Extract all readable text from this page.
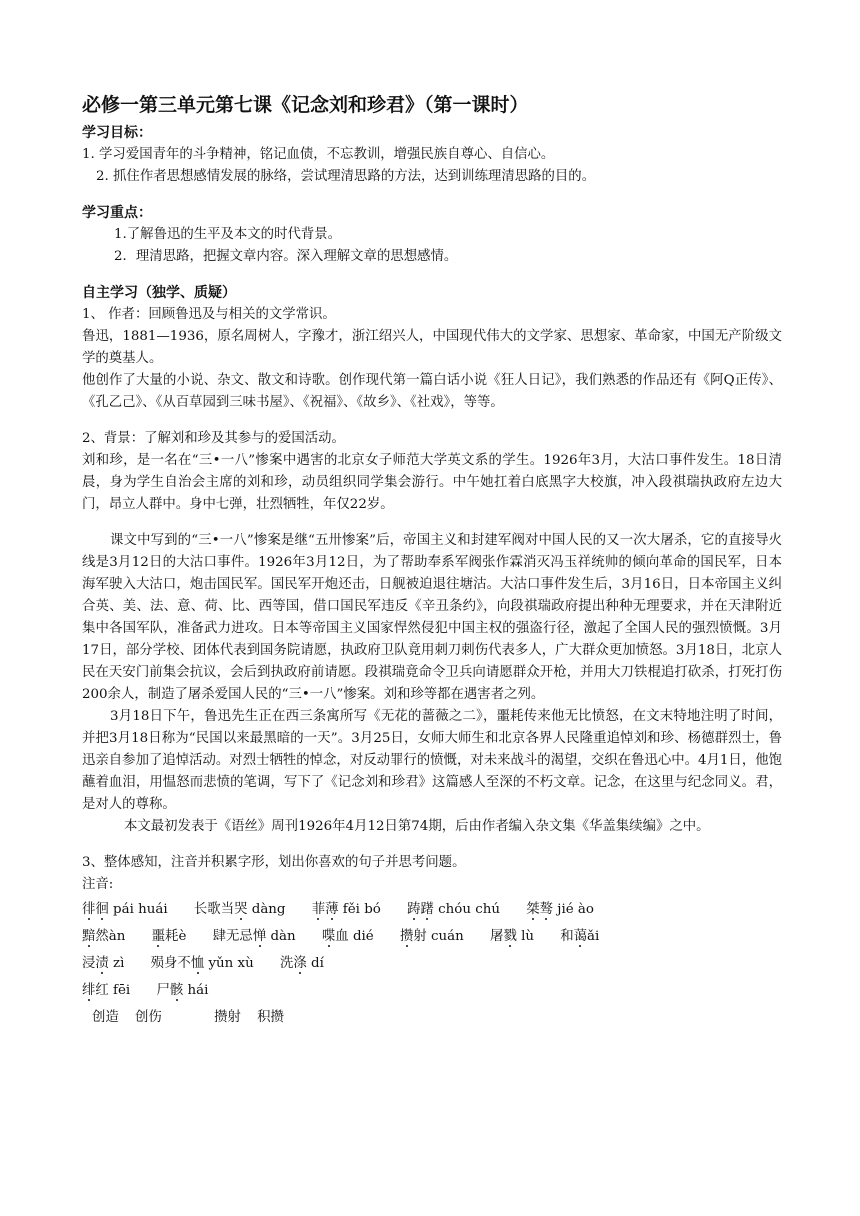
必修一第三单元第七课《记念刘和珍君》（第一课时）
学习目标：
1. 学习爱国青年的斗争精神，铭记血债，不忘教训，增强民族自尊心、自信心。
2. 抓住作者思想感情发展的脉络，尝试理清思路的方法，达到训练理清思路的目的。
学习重点：
1.了解鲁迅的生平及本文的时代背景。
2．理清思路，把握文章内容。深入理解文章的思想感情。
自主学习（独学、质疑）
1、 作者：回顾鲁迅及与相关的文学常识。
鲁迅，1881—1936，原名周树人，字豫才，浙江绍兴人，中国现代伟大的文学家、思想家、革命家，中国无产阶级文学的奠基人。
他创作了大量的小说、杂文、散文和诗歌。创作现代第一篇白话小说《狂人日记》，我们熟悉的作品还有《阿Q正传》、《孔乙己》、《从百草园到三味书屋》、《祝福》、《故乡》、《社戏》，等等。
2、背景：了解刘和珍及其参与的爱国活动。
刘和珍，是一名在“三•一八”惨案中遇害的北京女子师范大学英文系的学生。1926年3月，大沽口事件发生。18日清晨，身为学生自治会主席的刘和珍，动员组织同学集会游行。中午她扛着白底黑字大校旗，冲入段祺瑞执政府左边大门，昂立人群中。身中七弹，壮烈牺牲，年仅22岁。
课文中写到的“三•一八”惨案是继“五卅惨案”后，帝国主义和封建军阀对中国人民的又一次大屠杀，它的直接导火线是3月12日的大沽口事件。1926年3月12日，为了帮助奉系军阀张作霖消灭冯玉祥统帅的倾向革命的国民军，日本海军驶入大沽口，炮击国民军。国民军开炮还击，日舰被迫退往塘沽。大沽口事件发生后，3月16日，日本帝国主义纠合英、美、法、意、荷、比、西等国，借口国民军违反《辛丑条约》，向段祺瑞政府提出种种无理要求，并在天津附近集中各国军队，准备武力进攻。日本等帝国主义国家悍然侵犯中国主权的强盗行径，激起了全国人民的强烈愤慨。3月17日，部分学校、团体代表到国务院请愿，执政府卫队竟用刺刀刺伤代表多人，广大群众更加愤怒。3月18日，北京人民在天安门前集会抗议，会后到执政府前请愿。段祺瑞竟命令卫兵向请愿群众开枪，并用大刀铁棍追打砍杀，打死打伤200余人，制造了屠杀爱国人民的“三•一八”惨案。刘和珍等都在遇害者之列。
3月18日下午，鲁迅先生正在西三条寓所写《无花的蔷薇之二》，噩耗传来他无比愤怒，在文末特地注明了时间，并把3月18日称为“民国以来最黑暗的一天”。3月25日，女师大师生和北京各界人民隆重追悼刘和珍、杨德群烈士，鲁迅亲自参加了追悼活动。对烈士牺牲的悼念，对反动罪行的愤慨，对未来战斗的渴望，交织在鲁迅心中。4月1日，他饱蘸着血泪，用愠怒而悲愤的笔调，写下了《记念刘和珍君》这篇感人至深的不朽文章。记念，在这里与纪念同义。君，是对人的尊称。
本文最初发表于《语丝》周刊1926年4月12日第74期，后由作者编入杂文集《华盖集续编》之中。
3、整体感知，注音并积累字形，划出你喜欢的句子并思考问题。
注音:
徘徊 pái huái 长歌当哭 dàng 菲薄 fěi bó 踌躇 chóu chú 桀骜 jié ào
黯然àn 噩耗è 肆无忌惮 dàn 喋血 dié 攒射 cuán 屠戮 lù 和蔼ǎi
浸渍 zì 殒身不恤 yǔn xù 洗涤 dí
绯红 fēi 尸骸 hái
创造 创伤	攒射 积攒
